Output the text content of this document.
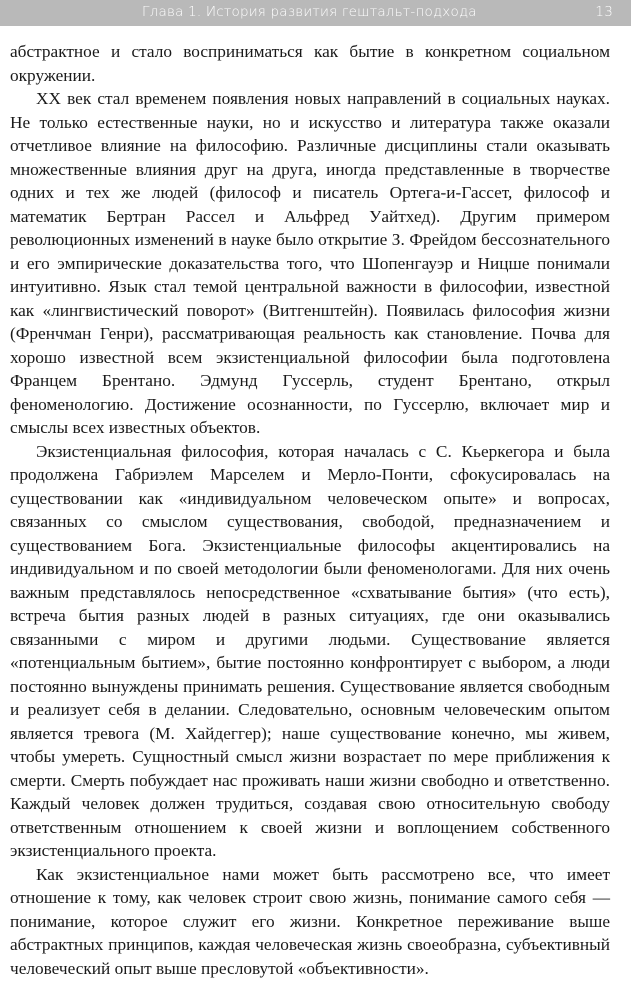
Глава 1. История развития гештальт-подхода	13

абстрактное и стало восприниматься как бытие в конкретном социальном окружении.

XX век стал временем появления новых направлений в социальных науках. Не только естественные науки, но и искусство и литература также оказали отчетливое влияние на философию. Различные дисциплины стали оказывать множественные влияния друг на друга, иногда представленные в творчестве одних и тех же людей (философ и писатель Ортега-и-Гассет, философ и математик Бертран Рассел и Альфред Уайтхед). Другим примером революционных изменений в науке было открытие З. Фрейдом бессознательного и его эмпирические доказательства того, что Шопенгауэр и Ницше понимали интуитивно. Язык стал темой центральной важности в философии, известной как «лингвистический поворот» (Витгенштейн). Появилась философия жизни (Френчман Генри), рассматривающая реальность как становление. Почва для хорошо известной всем экзистенциальной философии была подготовлена Францем Брентано. Эдмунд Гуссерль, студент Брентано, открыл феноменологию. Достижение осознанности, по Гуссерлю, включает мир и смыслы всех известных объектов.

Экзистенциальная философия, которая началась с С. Кьеркегора и была продолжена Габриэлем Марселем и Мерло-Понти, сфокусировалась на существовании как «индивидуальном человеческом опыте» и вопросах, связанных со смыслом существования, свободой, предназначением и существованием Бога. Экзистенциальные философы акцентировались на индивидуальном и по своей методологии были феноменологами. Для них очень важным представлялось непосредственное «схватывание бытия» (что есть), встреча бытия разных людей в разных ситуациях, где они оказывались связанными с миром и другими людьми. Существование является «потенциальным бытием», бытие постоянно конфронтирует с выбором, а люди постоянно вынуждены принимать решения. Существование является свободным и реализует себя в делании. Следовательно, основным человеческим опытом является тревога (М. Хайдеггер); наше существование конечно, мы живем, чтобы умереть. Сущностный смысл жизни возрастает по мере приближения к смерти. Смерть побуждает нас проживать наши жизни свободно и ответственно. Каждый человек должен трудиться, создавая свою относительную свободу ответственным отношением к своей жизни и воплощением собственного экзистенциального проекта.

Как экзистенциальное нами может быть рассмотрено все, что имеет отношение к тому, как человек строит свою жизнь, понимание самого себя — понимание, которое служит его жизни. Конкретное переживание выше абстрактных принципов, каждая человеческая жизнь своеобразна, субъективный человеческий опыт выше пресловутой «объективности».
